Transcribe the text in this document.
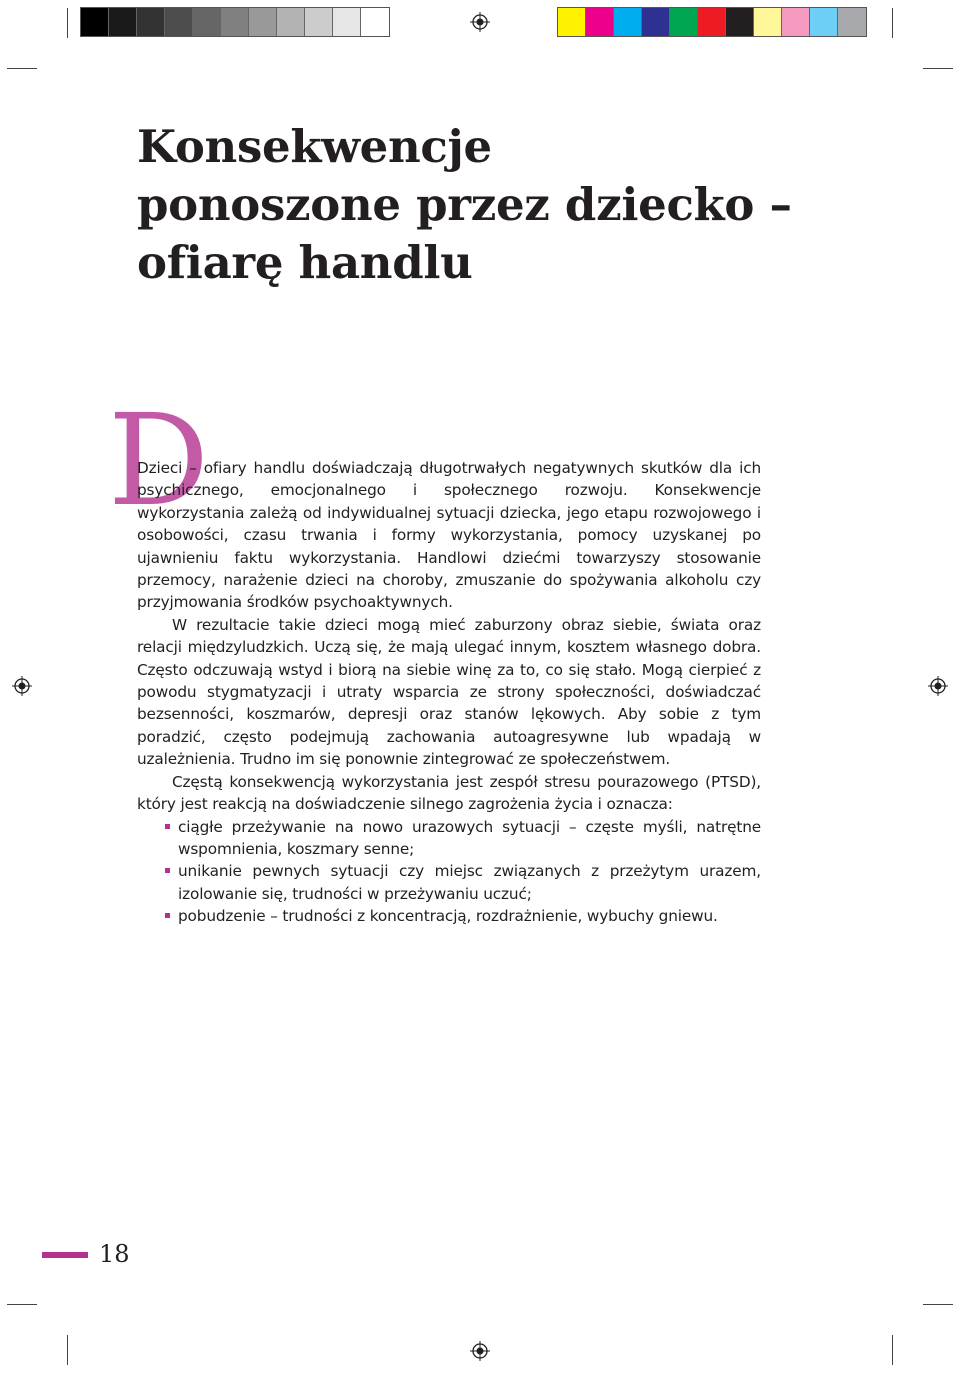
Konsekwencje
ponoszone przez dziecko –
ofiarę handlu
D

Dzieci – ofiary handlu doświadczają długotrwałych negatywnych skutków dla ich psychicznego, emocjonalnego i społecznego rozwoju. Konsekwencje wykorzystania zależą od indywidualnej sytuacji dziecka, jego etapu rozwojowego i osobowości, czasu trwania i formy wykorzystania, pomocy uzyskanej po ujawnieniu faktu wykorzystania. Handlowi dziećmi towarzyszy stosowanie przemocy, narażenie dzieci na choroby, zmuszanie do spożywania alkoholu czy przyjmowania środków psychoaktywnych.

W rezultacie takie dzieci mogą mieć zaburzony obraz siebie, świata oraz relacji międzyludzkich. Uczą się, że mają ulegać innym, kosztem własnego dobra. Często odczuwają wstyd i biorą na siebie winę za to, co się stało. Mogą cierpieć z powodu stygmatyzacji i utraty wsparcia ze strony społeczności, doświadczać bezsenności, koszmarów, depresji oraz stanów lękowych. Aby sobie z tym poradzić, często podejmują zachowania autoagresywne lub wpadają w uzależnienia. Trudno im się ponownie zintegrować ze społeczeństwem.

Częstą konsekwencją wykorzystania jest zespół stresu pourazowego (PTSD), który jest reakcją na doświadczenie silnego zagrożenia życia i oznacza:

ciągłe przeżywanie na nowo urazowych sytuacji – częste myśli, natrętne wspomnienia, koszmary senne;
unikanie pewnych sytuacji czy miejsc związanych z przeżytym urazem, izolowanie się, trudności w przeżywaniu uczuć;
pobudzenie – trudności z koncentracją, rozdrażnienie, wybuchy gniewu.
18
